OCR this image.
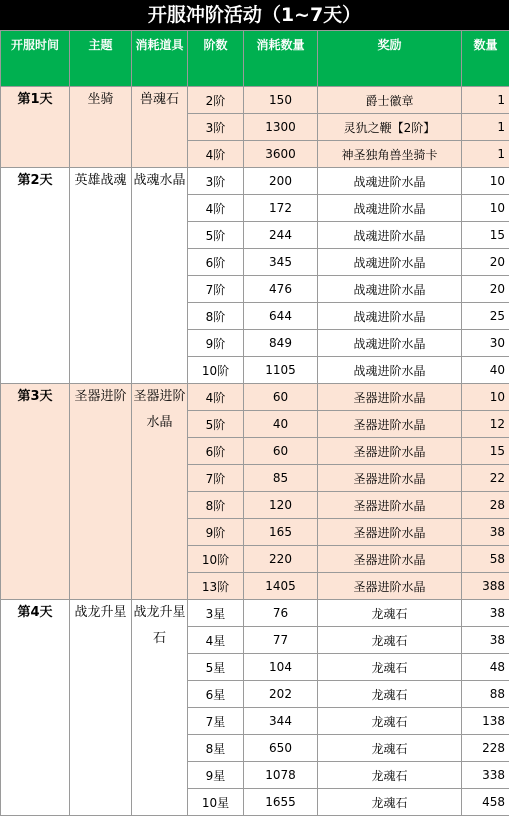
开服冲阶活动（1~7天）
开服时间	主题	消耗道具	阶数	消耗数量	奖励	数量
第1天	坐骑	兽魂石	2阶	150	爵士徽章	1
			3阶	1300	灵犰之鞭【2阶】	1
			4阶	3600	神圣独角兽坐骑卡	1
第2天	英雄战魂	战魂水晶	3阶	200	战魂进阶水晶	10
			4阶	172	战魂进阶水晶	10
			5阶	244	战魂进阶水晶	15
			6阶	345	战魂进阶水晶	20
			7阶	476	战魂进阶水晶	20
			8阶	644	战魂进阶水晶	25
			9阶	849	战魂进阶水晶	30
			10阶	1105	战魂进阶水晶	40
第3天	圣器进阶	圣器进阶水晶	4阶	60	圣器进阶水晶	10
			5阶	40	圣器进阶水晶	12
			6阶	60	圣器进阶水晶	15
			7阶	85	圣器进阶水晶	22
			8阶	120	圣器进阶水晶	28
			9阶	165	圣器进阶水晶	38
			10阶	220	圣器进阶水晶	58
			13阶	1405	圣器进阶水晶	388
第4天	战龙升星	战龙升星石	3星	76	龙魂石	38
			4星	77	龙魂石	38
			5星	104	龙魂石	48
			6星	202	龙魂石	88
			7星	344	龙魂石	138
			8星	650	龙魂石	228
			9星	1078	龙魂石	338
			10星	1655	龙魂石	458
